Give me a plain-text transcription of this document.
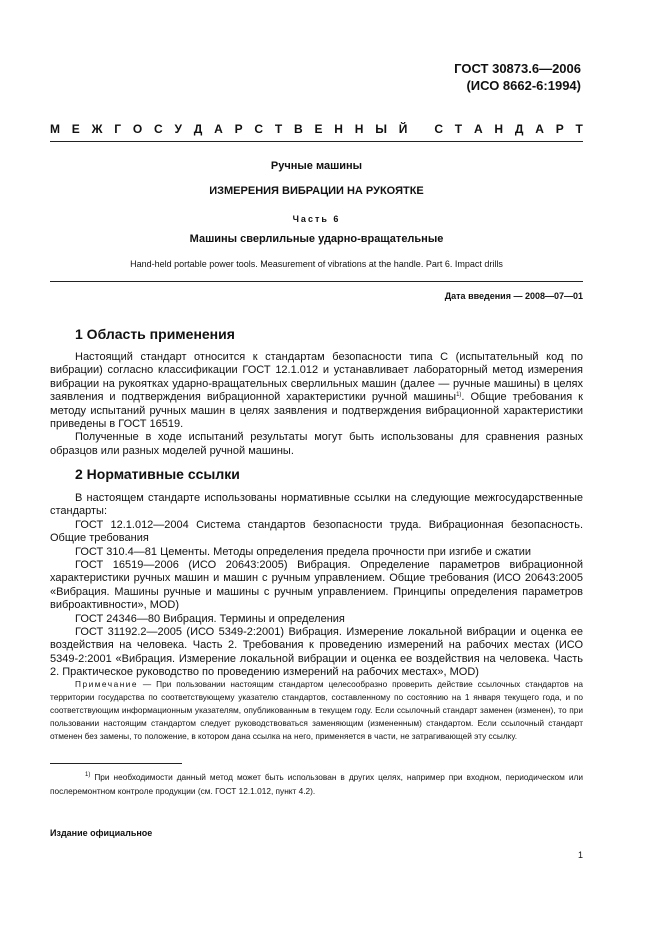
ГОСТ 30873.6—2006
(ИСО 8662-6:1994)
М Е Ж Г О С У Д А Р С Т В Е Н Н Ы Й
С Т А Н Д А Р Т
Ручные машины
ИЗМЕРЕНИЯ ВИБРАЦИИ НА РУКОЯТКЕ
Часть 6
Машины сверлильные ударно-вращательные
Hand-held portable power tools. Measurement of vibrations at the handle. Part 6. Impact drills
Дата введения — 2008—07—01
1 Область применения

Настоящий стандарт относится к стандартам безопасности типа С (испытательный код по вибрации) согласно классификации ГОСТ 12.1.012 и устанавливает лабораторный метод измерения вибрации на рукоятках ударно-вращательных сверлильных машин (далее — ручные машины) в целях заявления и подтверждения вибрационной характеристики ручной машины$^{1)}$. Общие требования к методу испытаний ручных машин в целях заявления и подтверждения вибрационной характеристики приведены в ГОСТ 16519.

Полученные в ходе испытаний результаты могут быть использованы для сравнения разных образцов или разных моделей ручной машины.

2 Нормативные ссылки

В настоящем стандарте использованы нормативные ссылки на следующие межгосударственные стандарты:

ГОСТ 12.1.012—2004 Система стандартов безопасности труда. Вибрационная безопасность. Общие требования

ГОСТ 310.4—81 Цементы. Методы определения предела прочности при изгибе и сжатии

ГОСТ 16519—2006 (ИСО 20643:2005) Вибрация. Определение параметров вибрационной характеристики ручных машин и машин с ручным управлением. Общие требования (ИСО 20643:2005 «Вибрация. Машины ручные и машины с ручным управлением. Принципы определения параметров виброактивности», MOD)

ГОСТ 24346—80 Вибрация. Термины и определения

ГОСТ 31192.2—2005 (ИСО 5349-2:2001) Вибрация. Измерение локальной вибрации и оценка ее воздействия на человека. Часть 2. Требования к проведению измерений на рабочих местах (ИСО 5349-2:2001 «Вибрация. Измерение локальной вибрации и оценка ее воздействия на человека. Часть 2. Практическое руководство по проведению измерений на рабочих местах», MOD)

Примечание — При пользовании настоящим стандартом целесообразно проверить действие ссылочных стандартов на территории государства по соответствующему указателю стандартов, составленному по состоянию на 1 января текущего года, и по соответствующим информационным указателям, опубликованным в текущем году. Если ссылочный стандарт заменен (изменен), то при пользовании настоящим стандартом следует руководствоваться заменяющим (измененным) стандартом. Если ссылочный стандарт отменен без замены, то положение, в котором дана ссылка на него, применяется в части, не затрагивающей эту ссылку.

$^{1)}$ При необходимости данный метод может быть использован в других целях, например при входном, периодическом или послеремонтном контроле продукции (см. ГОСТ 12.1.012, пункт 4.2).

Издание официальное
1
